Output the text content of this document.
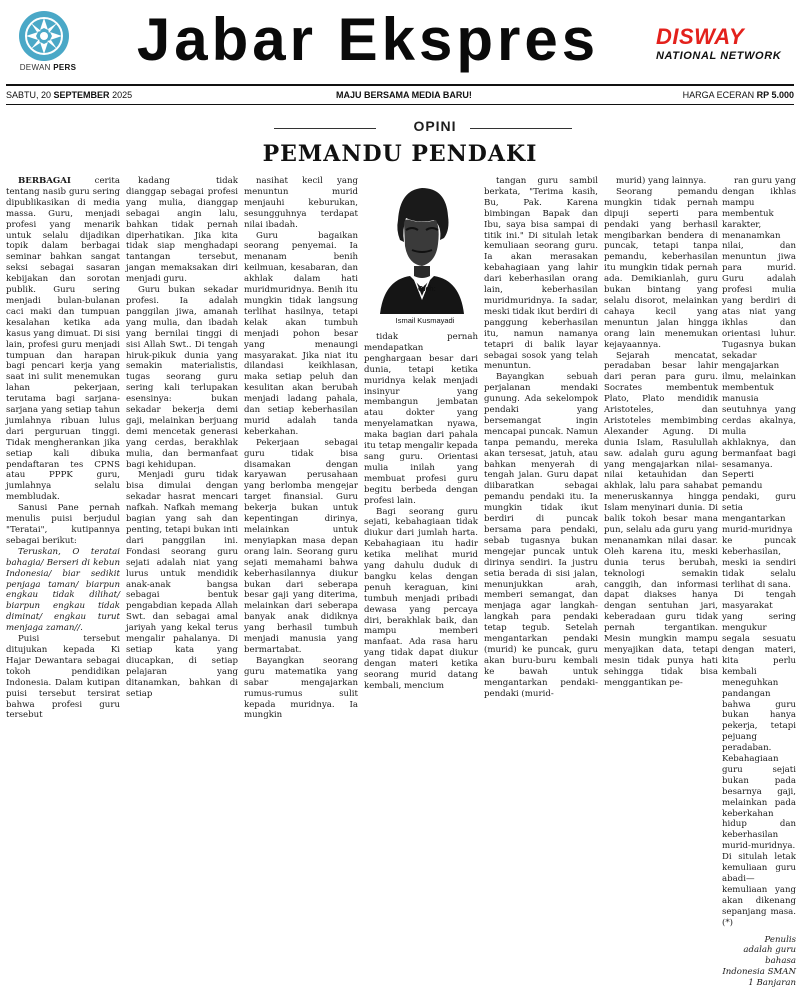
DEWAN PERS	Jabar Ekspres	DISWAY
NATIONAL NETWORK
SABTU, 20 SEPTEMBER 2025	MAJU BERSAMA MEDIA BARU!	HARGA ECERAN RP 5.000
OPINI
PEMANDU PENDAKI

BERBAGAI	cerita tentang nasib guru sering dipublikasikan di media massa. Guru, menjadi profesi yang menarik untuk selalu dijadikan topik dalam berbagai seminar bahkan sangat seksi sebagai sasaran kebijakan dan sorotan publik. Guru sering menjadi bulan-bulanan caci maki dan tumpuan kesalahan ketika ada kasus yang dimuat. Di sisi lain, profesi guru menjadi tumpuan dan harapan bagi pencari kerja yang saat ini sulit menemukan lahan pekerjaan, terutama bagi sarjana-sarjana yang setiap tahun jumlahnya ribuan lulus dari perguruan tinggi. Tidak mengherankan jika setiap kali dibuka pendaftaran tes CPNS atau PPPK guru, jumlahnya selalu membludak.

Sanusi Pane pernah menulis puisi berjudul "Teratai", kutipannya sebagai berikut:

Teruskan, O teratai bahagia/ Berseri di kebun Indonesia/ biar sedikit penjaga taman/ biarpun engkau tidak dilihat/ biarpun engkau tidak diminat/ engkau turut menjaga zaman//.

Puisi tersebut ditujukan kepada Ki Hajar Dewantara sebagai tokoh pendidikan Indonesia. Dalam kutipan puisi tersebut tersirat bahwa profesi guru tersebut

kadang tidak dianggap sebagai profesi yang mulia, dianggap sebagai angin lalu, bahkan tidak pernah diperhatikan. Jika kita tidak siap menghadapi tantangan tersebut, jangan memaksakan diri menjadi guru.

Guru bukan sekadar profesi. Ia adalah panggilan jiwa, amanah yang mulia, dan ibadah yang bernilai tinggi di sisi Allah Swt.. Di tengah hiruk-pikuk dunia yang semakin materialistis, tugas seorang guru sering kali terlupakan esensinya: bukan sekadar bekerja demi gaji, melainkan berjuang demi mencetak generasi yang cerdas, berakhlak mulia, dan bermanfaat bagi kehidupan.

Menjadi guru tidak bisa dimulai dengan sekadar hasrat mencari nafkah. Nafkah memang bagian yang sah dan penting, tetapi bukan inti dari panggilan ini. Fondasi seorang guru sejati adalah niat yang lurus untuk mendidik anak-anak bangsa sebagai bentuk pengabdian kepada Allah Swt. dan sebagai amal jariyah yang kekal terus mengalir pahalanya. Di setiap kata yang diucapkan, di setiap pelajaran yang ditanamkan, bahkan di setiap

nasihat kecil yang menuntun murid menjauhi keburukan, sesungguhnya terdapat nilai ibadah.

Guru bagaikan seorang penyemai. Ia menanam benih keilmuan, kesabaran, dan akhlak dalam hati muridmuridnya. Benih itu mungkin tidak langsung terlihat hasilnya, tetapi kelak akan tumbuh menjadi pohon besar yang menaungi masyarakat. Jika niat itu dilandasi keikhlasan, maka setiap peluh dan kesulitan akan berubah menjadi ladang pahala, dan setiap keberhasilan murid adalah tanda keberkahan.

Pekerjaan sebagai guru tidak bisa disamakan dengan karyawan perusahaan yang berlomba mengejar target finansial. Guru bekerja bukan untuk kepentingan dirinya, melainkan untuk menyiapkan masa depan orang lain. Seorang guru sejati memahami bahwa keberhasilannya diukur bukan dari seberapa besar gaji yang diterima, melainkan dari seberapa banyak anak didiknya yang berhasil tumbuh menjadi manusia yang bermartabat.

Bayangkan seorang guru matematika yang sabar mengajarkan rumus-rumus sulit kepada muridnya. Ia mungkin

Oleh:
Ismail Kusmayadi

tidak pernah mendapatkan penghargaan besar dari dunia, tetapi ketika muridnya kelak menjadi insinyur yang membangun jembatan atau dokter yang menyelamatkan nyawa, maka bagian dari pahala itu tetap mengalir kepada sang guru. Orientasi mulia inilah yang membuat profesi guru begitu berbeda dengan profesi lain.

Bagi seorang guru sejati, kebahagiaan tidak diukur dari jumlah harta. Kebahagiaan itu hadir ketika melihat murid yang dahulu duduk di bangku kelas dengan penuh keraguan, kini tumbuh menjadi pribadi dewasa yang percaya diri, berakhlak baik, dan mampu memberi manfaat. Ada rasa haru yang tidak dapat diukur dengan materi ketika seorang murid datang kembali, mencium

tangan guru sambil berkata, "Terima kasih, Bu, Pak. Karena bimbingan Bapak dan Ibu, saya bisa sampai di titik ini." Di situlah letak kemuliaan seorang guru. Ia akan merasakan kebahagiaan yang lahir dari keberhasilan orang lain, keberhasilan muridmuridnya. Ia sadar, meski tidak ikut berdiri di panggung keberhasilan itu, namun namanya tetapri di balik layar sebagai sosok yang telah menuntun.

Bayangkan sebuah perjalanan mendaki gunung. Ada sekelompok pendaki yang bersemangat ingin mencapai puncak. Namun tanpa pemandu, mereka akan tersesat, jatuh, atau bahkan menyerah di tengah jalan. Guru dapat diibaratkan sebagai pemandu pendaki itu. Ia mungkin tidak ikut berdiri di puncak bersama para pendaki, sebab tugasnya bukan mengejar puncak untuk dirinya sendiri. Ia justru setia berada di sisi jalan, menunjukkan arah, memberi semangat, dan menjaga agar langkah-langkah para pendaki tetap tegub. Setelah mengantarkan pendaki (murid) ke puncak, guru akan buru-buru kembali ke bawah untuk mengantarkan pendaki-pendaki (murid-

murid) yang lainnya.

Seorang pemandu mungkin tidak pernah dipuji seperti para pendaki yang berhasil mengibarkan bendera di puncak, tetapi tanpa pemandu, keberhasilan itu mungkin tidak pernah ada. Demikianlah, guru bukan bintang yang selalu disorot, melainkan cahaya kecil yang menuntun jalan hingga orang lain menemukan kejayaannya.

Sejarah mencatat, peradaban besar lahir dari peran para guru. Socrates membentuk Plato, Plato mendidik Aristoteles, dan Aristoteles membimbing Alexander Agung. Di dunia Islam, Rasulullah saw. adalah guru agung yang mengajarkan nilai-nilai ketauhidan dan akhlak, lalu para sahabat meneruskannya hingga Islam menyinari dunia. Di balik tokoh besar mana pun, selalu ada guru yang menanamkan nilai dasar. Oleh karena itu, meski dunia terus berubah, teknologi semakin canggih, dan informasi dapat diakses hanya dengan sentuhan jari, keberadaan guru tidak pernah tergantikan. Mesin mungkin mampu menyajikan data, tetapi mesin tidak punya hati sehingga tidak bisa menggantikan pe-

ran guru yang dengan ikhlas mampu membentuk karakter, menanamkan nilai, dan menuntun jiwa para murid. Guru adalah profesi mulia yang berdiri di atas niat yang ikhlas dan orientasi luhur. Tugasnya bukan sekadar mengajarkan ilmu, melainkan membentuk manusia seutuhnya yang cerdas akalnya, mulia akhlaknya, dan bermanfaat bagi sesamanya. Seperti pemandu pendaki, guru setia mengantarkan murid-muridnya ke puncak keberhasilan, meski ia sendiri tidak selalu terlihat di sana.

Di tengah masyarakat yang sering mengukur segala sesuatu dengan materi, kita perlu kembali meneguhkan pandangan bahwa guru bukan hanya pekerja, tetapi pejuang peradaban. Kebahagiaan guru sejati bukan pada besarnya gaji, melainkan pada keberkahan hidup dan keberhasilan murid-muridnya. Di situlah letak kemuliaan guru abadi—kemuliaan yang akan dikenang sepanjang masa. (*)

Penulis adalah guru bahasa Indonesia SMAN 1 Banjaran
